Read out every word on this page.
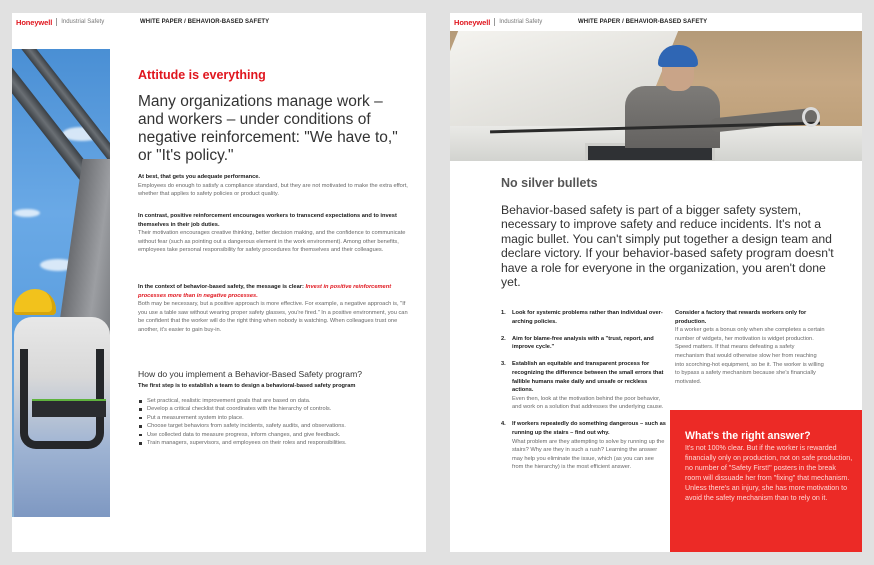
Honeywell Industrial Safety	WHITE PAPER / BEHAVIOR-BASED SAFETY
Attitude is everything
Many organizations manage work – and workers – under conditions of negative reinforcement: "We have to," or "It's policy."
At best, that gets you adequate performance.
Employees do enough to satisfy a compliance standard, but they are not motivated to make the extra effort, whether that applies to safety policies or product quality.
In contrast, positive reinforcement encourages workers to transcend expectations and to invest themselves in their job duties.
Their motivation encourages creative thinking, better decision making, and the confidence to communicate without fear (such as pointing out a dangerous element in the work environment). Among other benefits, employees take personal responsibility for safety procedures for themselves and their colleagues.
In the context of behavior-based safety, the message is clear: Invest in positive reinforcement processes more than in negative processes.
Both may be necessary, but a positive approach is more effective. For example, a negative approach is, "If you use a table saw without wearing proper safety glasses, you're fired." In a positive environment, you can be confident that the worker will do the right thing when nobody is watching. When colleagues trust one another, it's easier to gain buy-in.
How do you implement a Behavior-Based Safety program?
The first step is to establish a team to design a behavioral-based safety program
Set practical, realistic improvement goals that are based on data.
Develop a critical checklist that coordinates with the hierarchy of controls.
Put a measurement system into place.
Choose target behaviors from safety incidents, safety audits, and observations.
Use collected data to measure progress, inform changes, and give feedback.
Train managers, supervisors, and employees on their roles and responsibilities.
Honeywell Industrial Safety	WHITE PAPER / BEHAVIOR-BASED SAFETY
No silver bullets
Behavior-based safety is part of a bigger safety system, necessary to improve safety and reduce incidents. It's not a magic bullet. You can't simply put together a design team and declare victory. If your behavior-based safety program doesn't have a role for everyone in the organization, you aren't done yet.
1. Look for systemic problems rather than individual over-arching policies.
2. Aim for blame-free analysis with a "trust, report, and improve cycle."
3. Establish an equitable and transparent process for recognizing the difference between the small errors that fallible humans make daily and unsafe or reckless actions.
Even then, look at the motivation behind the poor behavior, and work on a solution that addresses the underlying cause.
4. If workers repeatedly do something dangerous – such as running up the stairs – find out why.
What problem are they attempting to solve by running up the stairs? Why are they in such a rush? Learning the answer may help you eliminate the issue, which (as you can see from the hierarchy) is the most efficient answer.
Consider a factory that rewards workers only for production.
If a worker gets a bonus only when she completes a certain number of widgets, her motivation is widget production. Speed matters. If that means defeating a safety mechanism that would otherwise slow her from reaching into scorching-hot equipment, so be it. The worker is willing to bypass a safety mechanism because she's financially motivated.
What's the right answer?
It's not 100% clear. But if the worker is rewarded financially only on production, not on safe production, no number of "Safety First!" posters in the break room will dissuade her from "fixing" that mechanism. Unless there's an injury, she has more motivation to avoid the safety mechanism than to rely on it.
